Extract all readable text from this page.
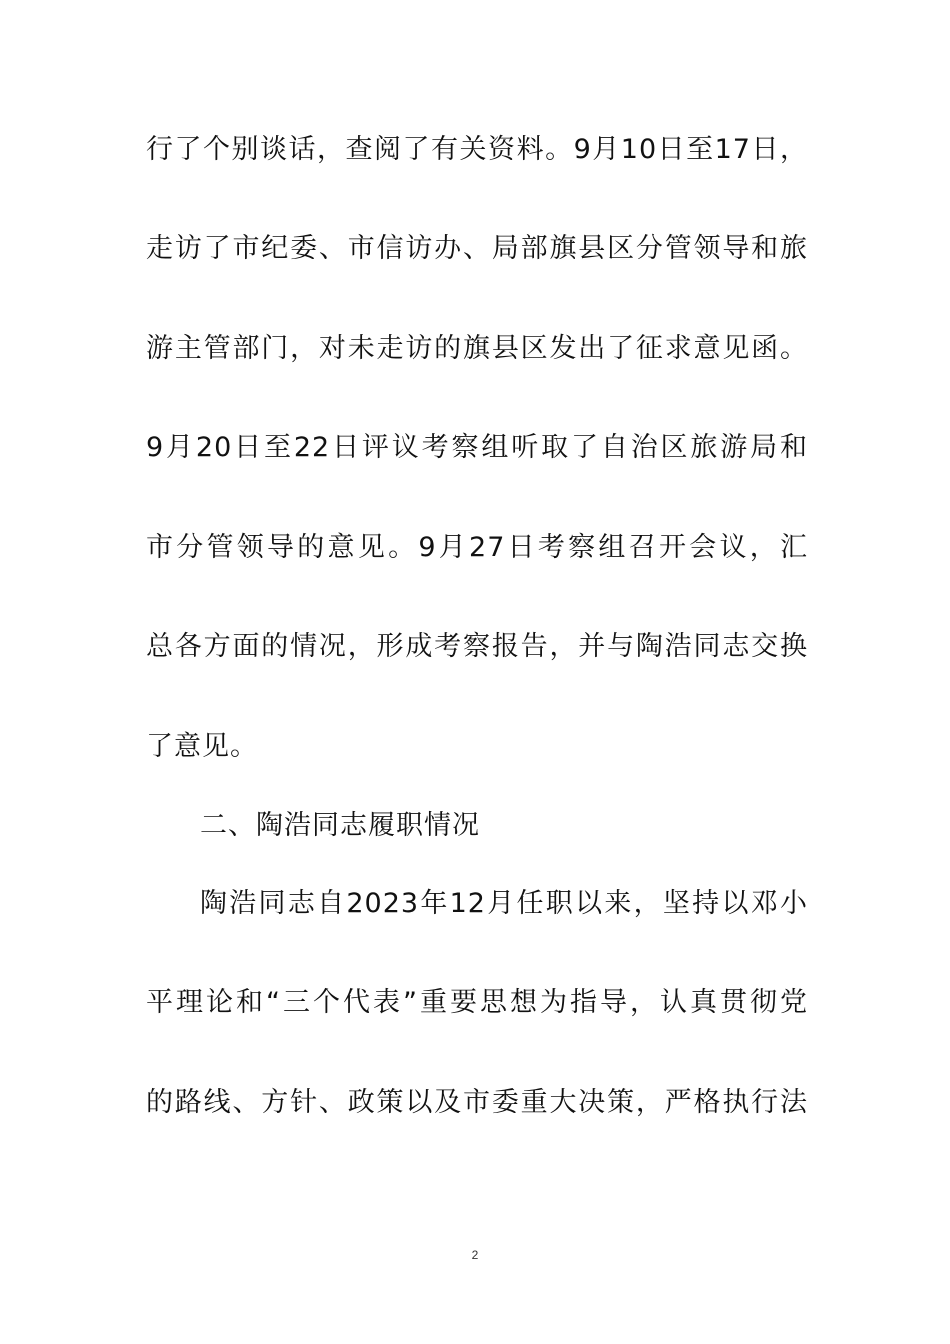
行了个别谈话，查阅了有关资料。9月10日至17日，
走访了市纪委、市信访办、局部旗县区分管领导和旅
游主管部门，对未走访的旗县区发出了征求意见函。
9月20日至22日评议考察组听取了自治区旅游局和
市分管领导的意见。9月27日考察组召开会议，汇
总各方面的情况，形成考察报告，并与陶浩同志交换
了意见。
二、陶浩同志履职情况
陶浩同志自2023年12月任职以来，坚持以邓小
平理论和“三个代表”重要思想为指导，认真贯彻党
的路线、方针、政策以及市委重大决策，严格执行法
2
